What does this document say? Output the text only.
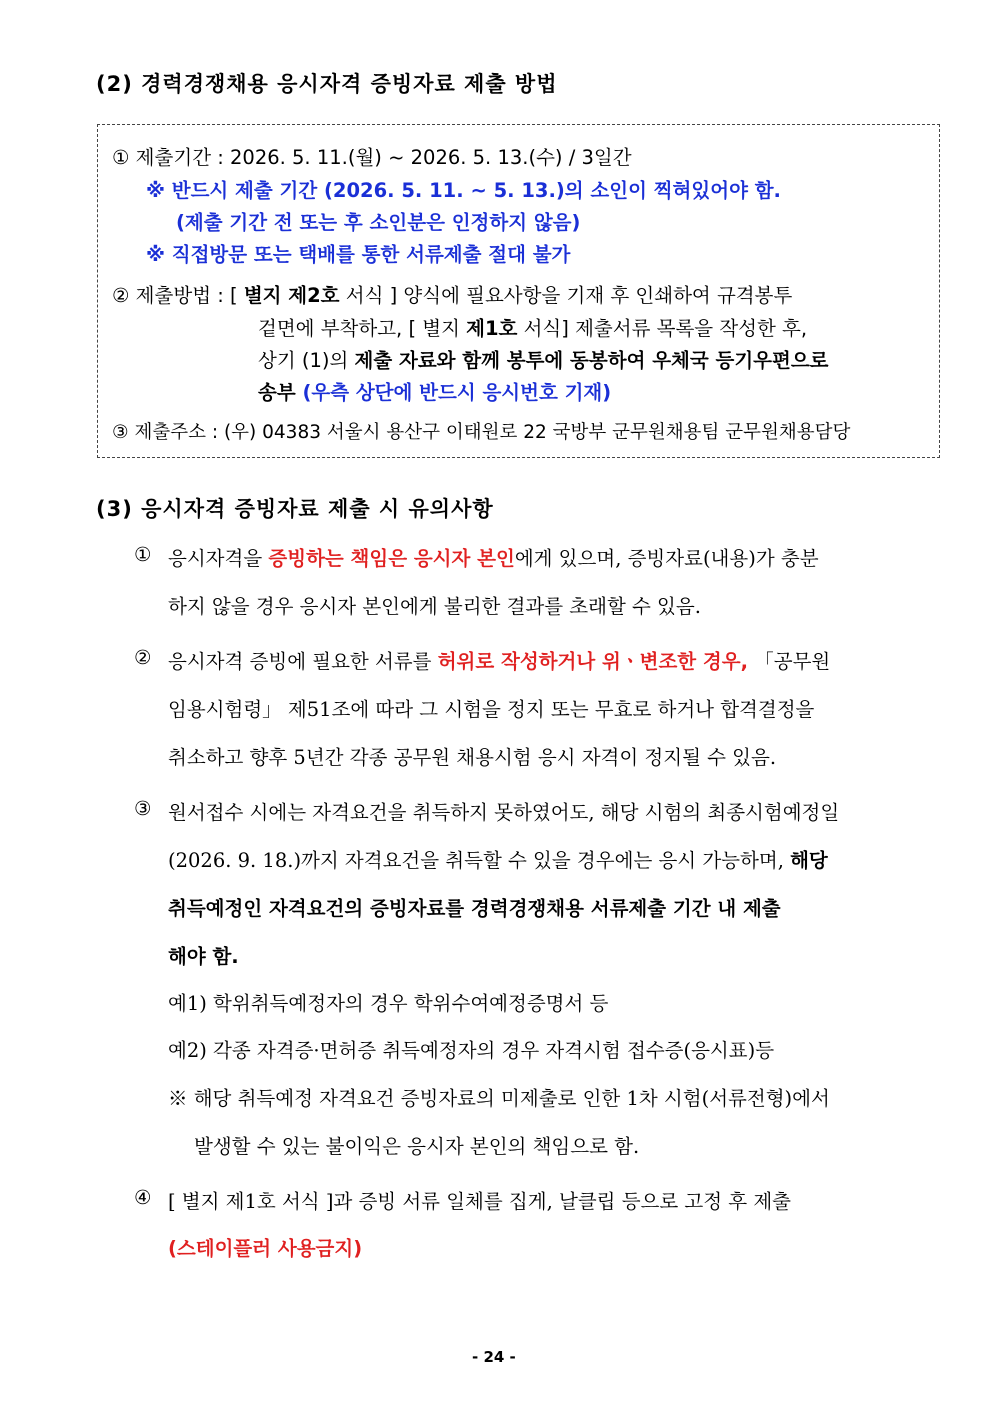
(2) 경력경쟁채용 응시자격 증빙자료 제출 방법
① 제출기간 : 2026. 5. 11.(월) ~ 2026. 5. 13.(수) / 3일간
※ 반드시 제출 기간 (2026. 5. 11. ~ 5. 13.)의 소인이 찍혀있어야 함.
(제출 기간 전 또는 후 소인분은 인정하지 않음)
※ 직접방문 또는 택배를 통한 서류제출 절대 불가
② 제출방법 : [ 별지 제2호 서식 ] 양식에 필요사항을 기재 후 인쇄하여 규격봉투
겉면에 부착하고, [ 별지 제1호 서식] 제출서류 목록을 작성한 후,
상기 (1)의 제출 자료와 함께 봉투에 동봉하여 우체국 등기우편으로
송부 (우측 상단에 반드시 응시번호 기재)
③ 제출주소 : (우) 04383 서울시 용산구 이태원로 22 국방부 군무원채용팀 군무원채용담당
(3) 응시자격 증빙자료 제출 시 유의사항
① 응시자격을 증빙하는 책임은 응시자 본인에게 있으며, 증빙자료(내용)가 충분
하지 않을 경우 응시자 본인에게 불리한 결과를 초래할 수 있음.
② 응시자격 증빙에 필요한 서류를 허위로 작성하거나 위ㆍ변조한 경우, 「공무원
임용시험령」 제51조에 따라 그 시험을 정지 또는 무효로 하거나 합격결정을
취소하고 향후 5년간 각종 공무원 채용시험 응시 자격이 정지될 수 있음.
③ 원서접수 시에는 자격요건을 취득하지 못하였어도, 해당 시험의 최종시험예정일
(2026. 9. 18.)까지 자격요건을 취득할 수 있을 경우에는 응시 가능하며, 해당
취득예정인 자격요건의 증빙자료를 경력경쟁채용 서류제출 기간 내 제출
해야 함.
예1) 학위취득예정자의 경우 학위수여예정증명서 등
예2) 각종 자격증·면허증 취득예정자의 경우 자격시험 접수증(응시표)등
※ 해당 취득예정 자격요건 증빙자료의 미제출로 인한 1차 시험(서류전형)에서
발생할 수 있는 불이익은 응시자 본인의 책임으로 함.
④ [ 별지 제1호 서식 ]과 증빙 서류 일체를 집게, 날클립 등으로 고정 후 제출
(스테이플러 사용금지)
- 24 -
